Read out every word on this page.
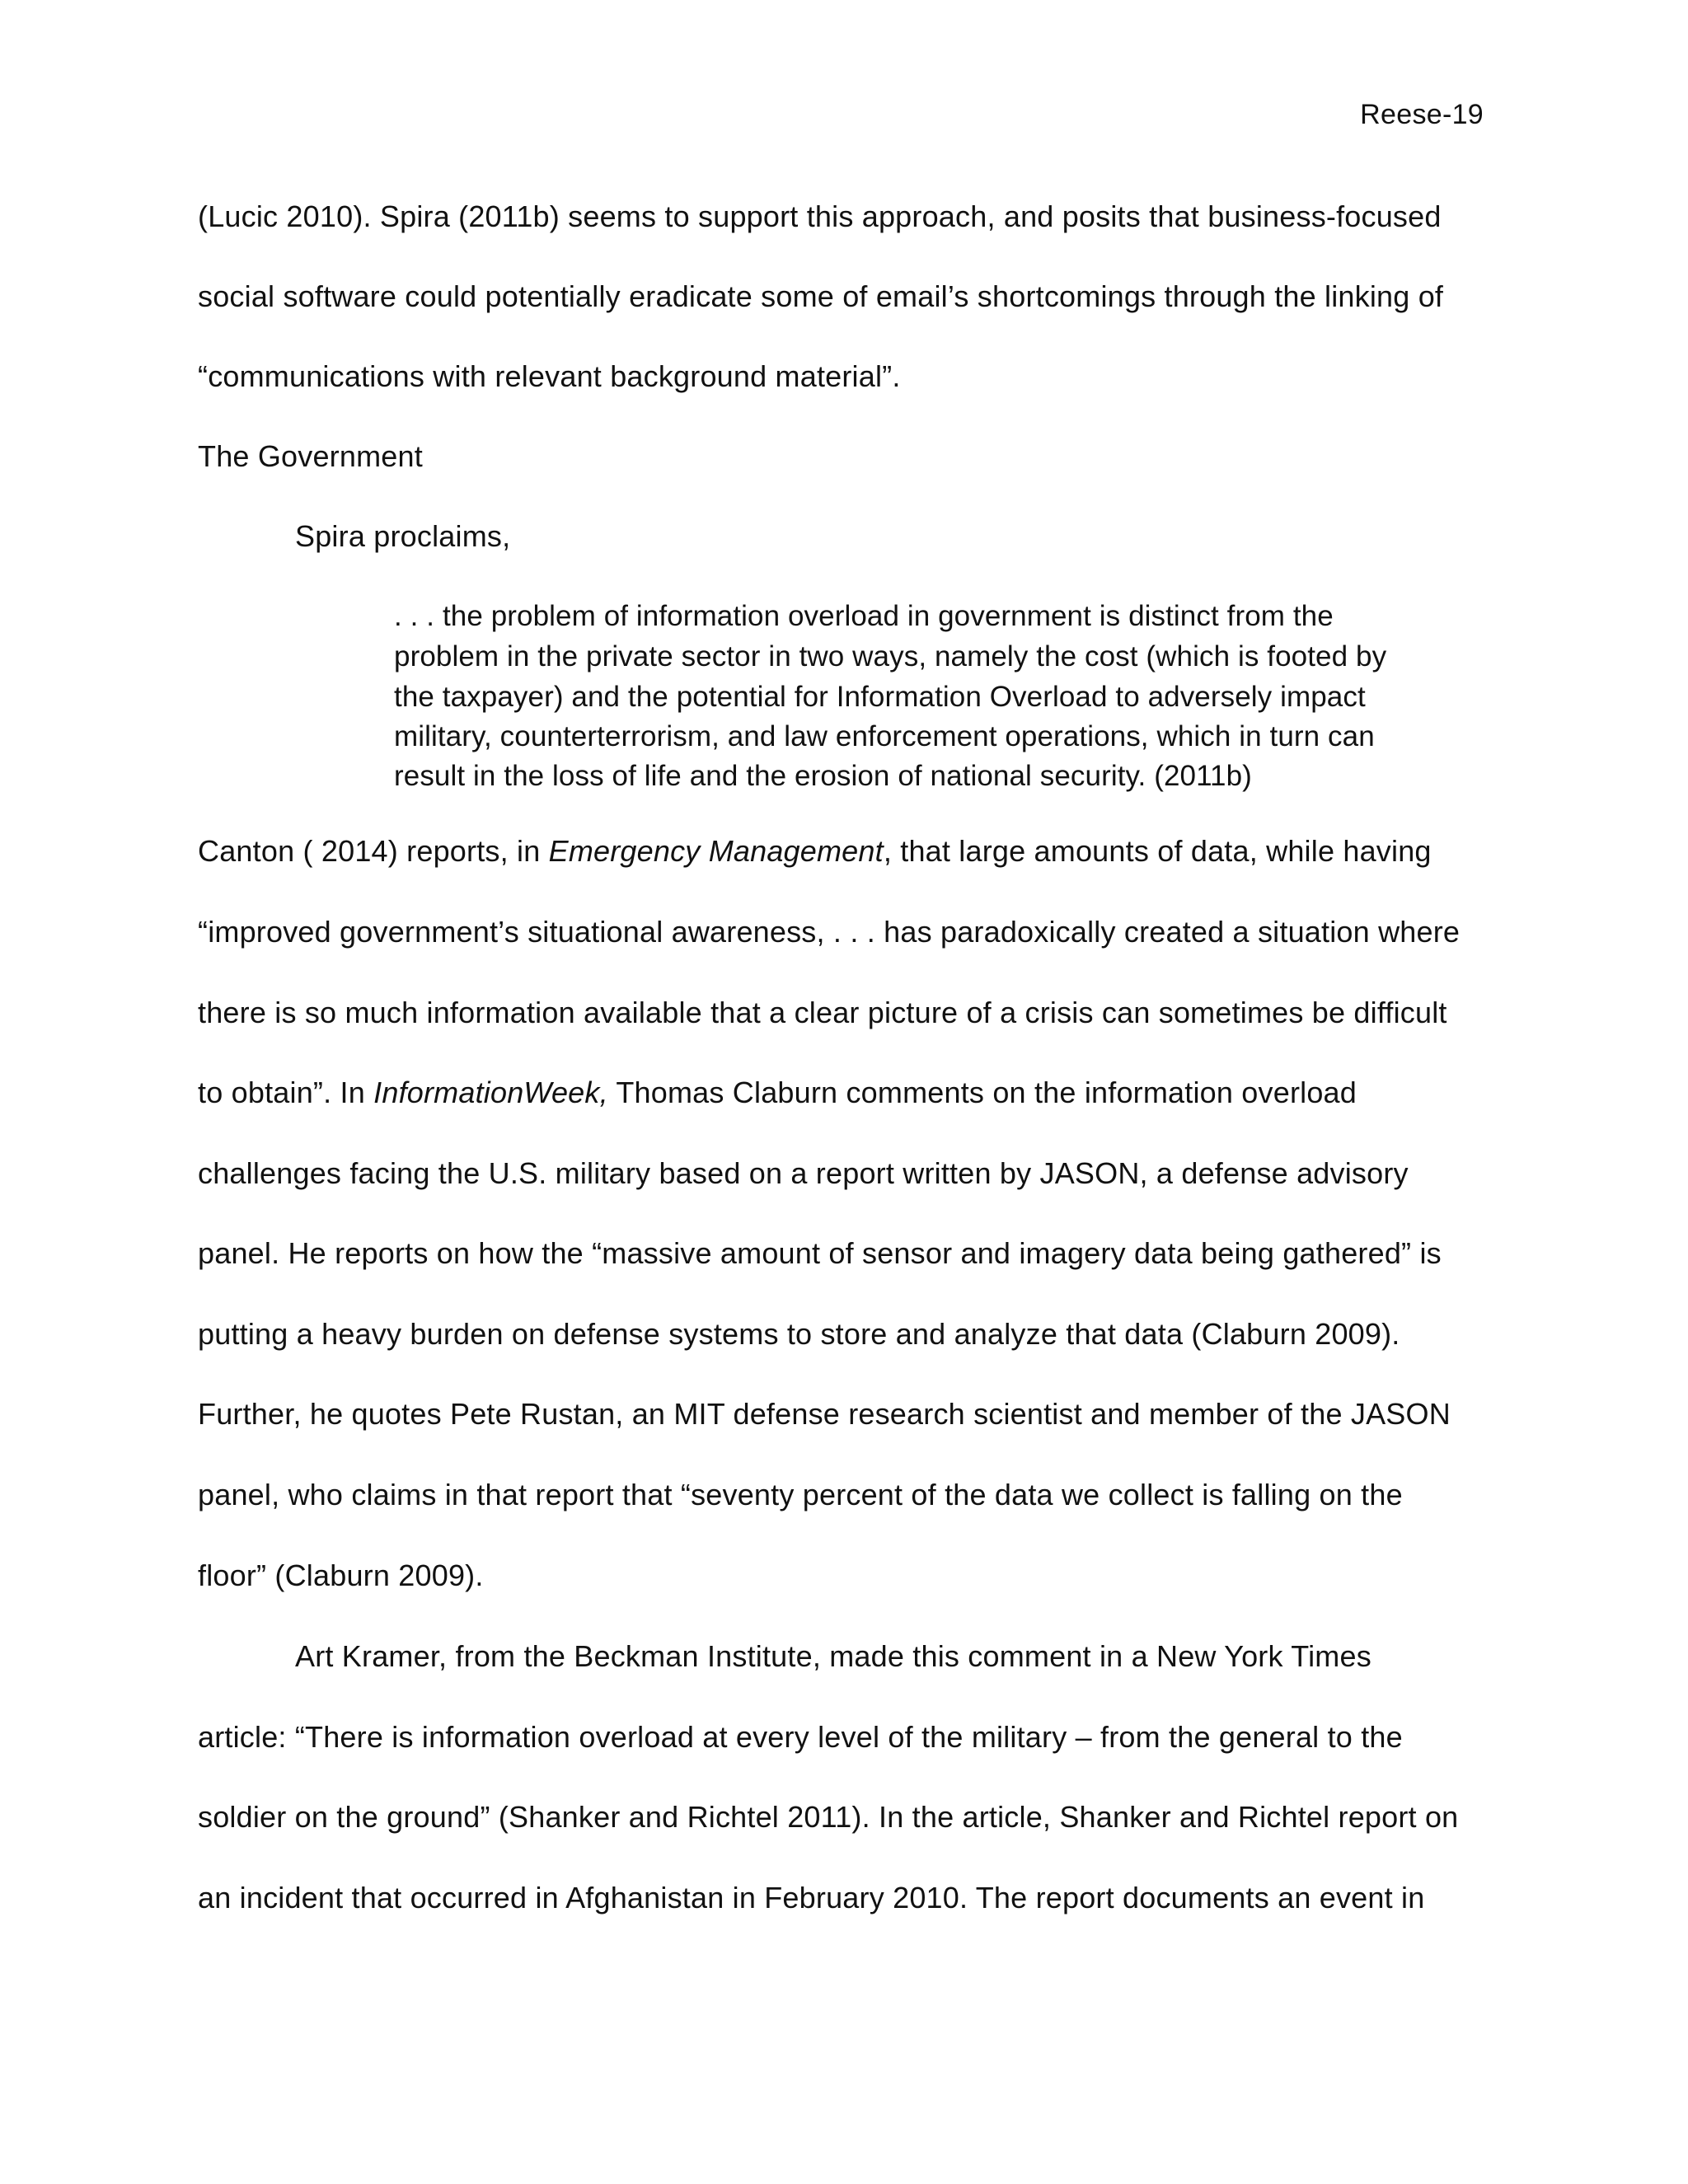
Reese-19
(Lucic 2010). Spira (2011b) seems to support this approach, and posits that business-focused
social software could potentially eradicate some of email’s shortcomings through the linking of
“communications with relevant background material”.
The Government
Spira proclaims,
. . . the problem of information overload in government is distinct from the
problem in the private sector in two ways, namely the cost (which is footed by
the taxpayer) and the potential for Information Overload to adversely impact
military, counterterrorism, and law enforcement operations, which in turn can
result in the loss of life and the erosion of national security. (2011b)
Canton ( 2014) reports, in Emergency Management, that large amounts of data, while having
“improved government’s situational awareness, . . . has paradoxically created a situation where
there is so much information available that a clear picture of a crisis can sometimes be difficult
to obtain”. In InformationWeek, Thomas Claburn comments on the information overload
challenges facing the U.S. military based on a report written by JASON, a defense advisory
panel. He reports on how the “massive amount of sensor and imagery data being gathered” is
putting a heavy burden on defense systems to store and analyze that data (Claburn 2009).
Further, he quotes Pete Rustan, an MIT defense research scientist and member of the JASON
panel, who claims in that report that “seventy percent of the data we collect is falling on the
floor” (Claburn 2009).
Art Kramer, from the Beckman Institute, made this comment in a New York Times
article: “There is information overload at every level of the military – from the general to the
soldier on the ground” (Shanker and Richtel 2011). In the article, Shanker and Richtel report on
an incident that occurred in Afghanistan in February 2010. The report documents an event in
